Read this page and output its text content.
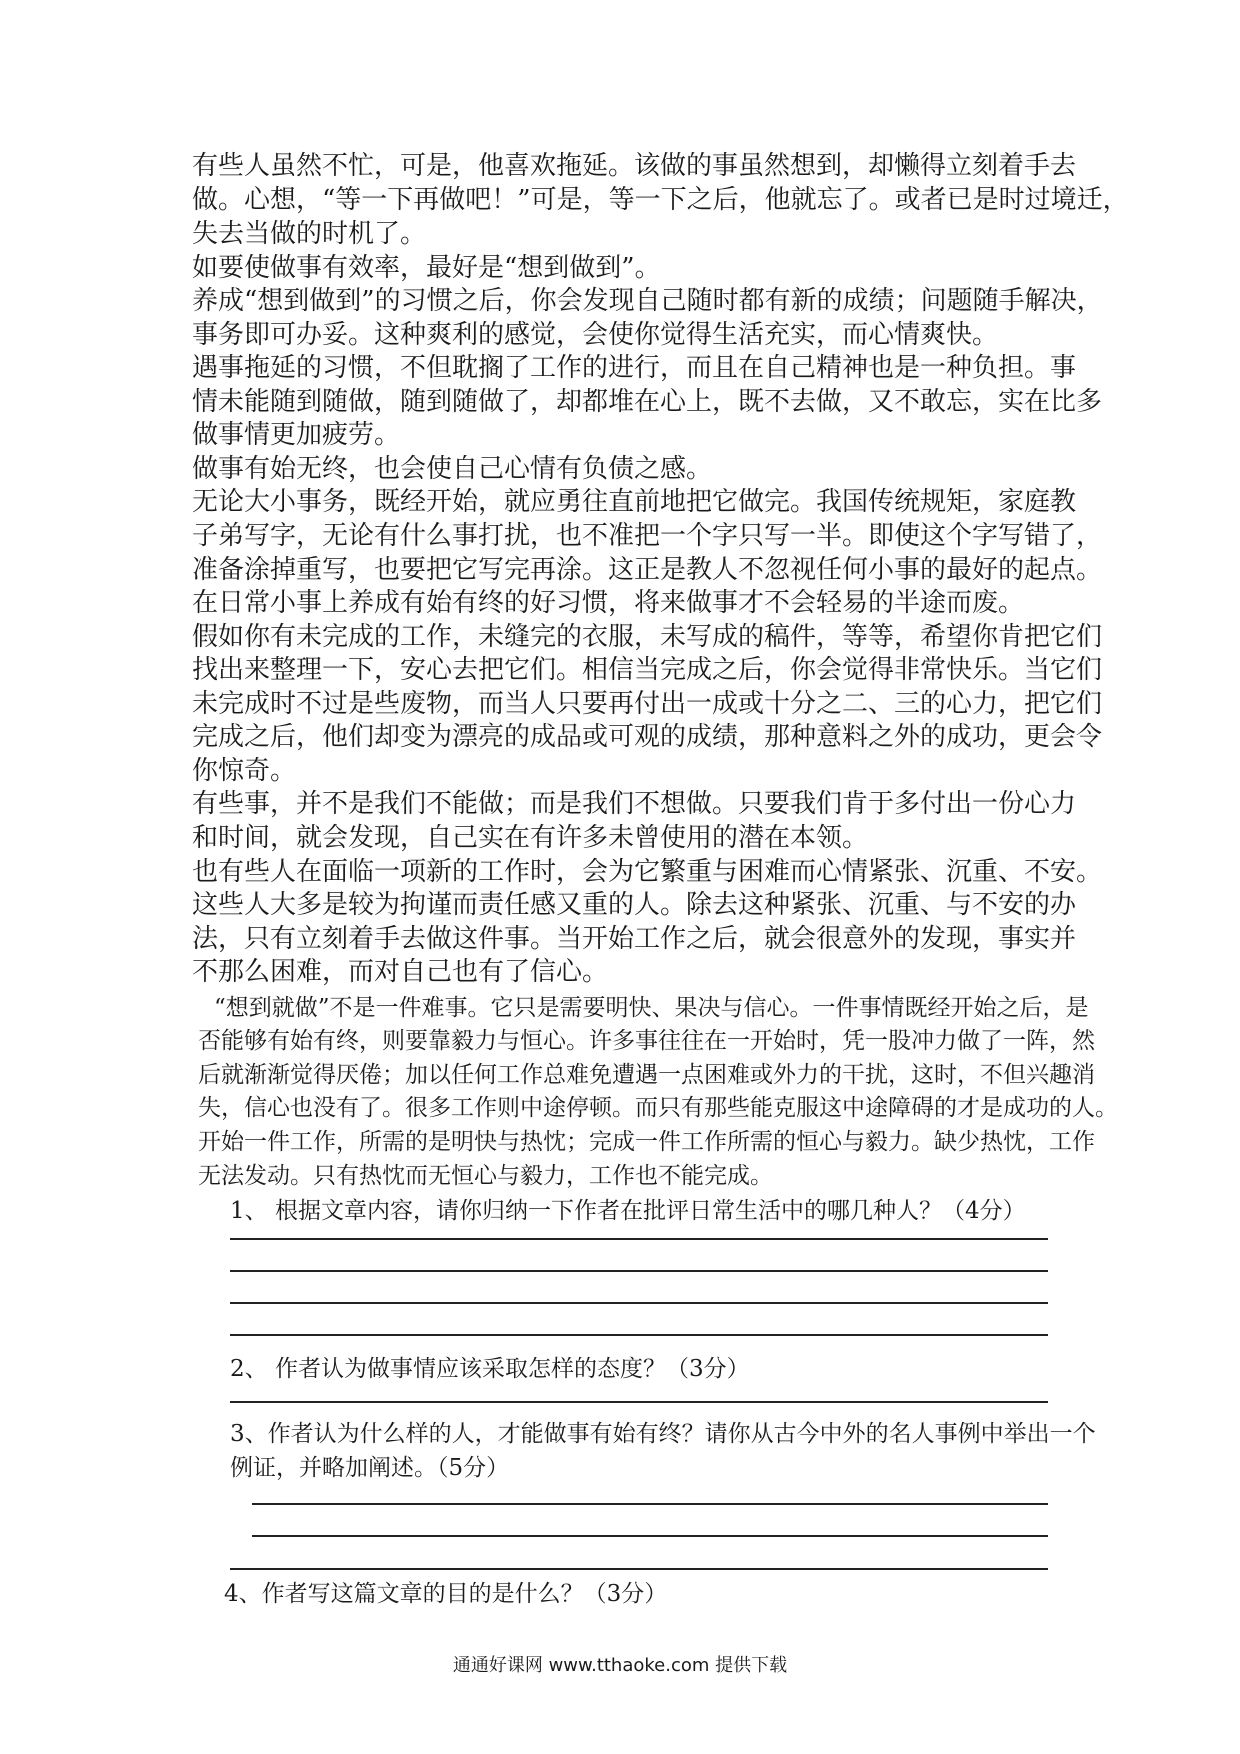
有些人虽然不忙，可是，他喜欢拖延。该做的事虽然想到，却懒得立刻着手去
做。心想，“等一下再做吧！”可是，等一下之后，他就忘了。或者已是时过境迁，
失去当做的时机了。
如要使做事有效率，最好是“想到做到”。
养成“想到做到”的习惯之后，你会发现自己随时都有新的成绩；问题随手解决，
事务即可办妥。这种爽利的感觉，会使你觉得生活充实，而心情爽快。
遇事拖延的习惯，不但耽搁了工作的进行，而且在自己精神也是一种负担。事
情未能随到随做，随到随做了，却都堆在心上，既不去做，又不敢忘，实在比多
做事情更加疲劳。
做事有始无终，也会使自己心情有负债之感。
无论大小事务，既经开始，就应勇往直前地把它做完。我国传统规矩，家庭教
子弟写字，无论有什么事打扰，也不准把一个字只写一半。即使这个字写错了，
准备涂掉重写，也要把它写完再涂。这正是教人不忽视任何小事的最好的起点。
在日常小事上养成有始有终的好习惯，将来做事才不会轻易的半途而废。
假如你有未完成的工作，未缝完的衣服，未写成的稿件，等等，希望你肯把它们
找出来整理一下，安心去把它们。相信当完成之后，你会觉得非常快乐。当它们
未完成时不过是些废物，而当人只要再付出一成或十分之二、三的心力，把它们
完成之后，他们却变为漂亮的成品或可观的成绩，那种意料之外的成功，更会令
你惊奇。
有些事，并不是我们不能做；而是我们不想做。只要我们肯于多付出一份心力
和时间，就会发现，自己实在有许多未曾使用的潜在本领。
也有些人在面临一项新的工作时，会为它繁重与困难而心情紧张、沉重、不安。
这些人大多是较为拘谨而责任感又重的人。除去这种紧张、沉重、与不安的办
法，只有立刻着手去做这件事。当开始工作之后，就会很意外的发现，事实并
不那么困难，而对自己也有了信心。
“想到就做”不是一件难事。它只是需要明快、果决与信心。一件事情既经开始之后，是
否能够有始有终，则要靠毅力与恒心。许多事往往在一开始时，凭一股冲力做了一阵，然
后就渐渐觉得厌倦；加以任何工作总难免遭遇一点困难或外力的干扰，这时，不但兴趣消
失，信心也没有了。很多工作则中途停顿。而只有那些能克服这中途障碍的才是成功的人。
开始一件工作，所需的是明快与热忱；完成一件工作所需的恒心与毅力。缺少热忱，工作
无法发动。只有热忱而无恒心与毅力，工作也不能完成。
1、 根据文章内容，请你归纳一下作者在批评日常生活中的哪几种人？（4分）
2、 作者认为做事情应该采取怎样的态度？（3分）
3、作者认为什么样的人，才能做事有始有终？请你从古今中外的名人事例中举出一个
例证，并略加阐述。（5分）
4、作者写这篇文章的目的是什么？（3分）
通通好课网 www.tthaoke.com 提供下载
